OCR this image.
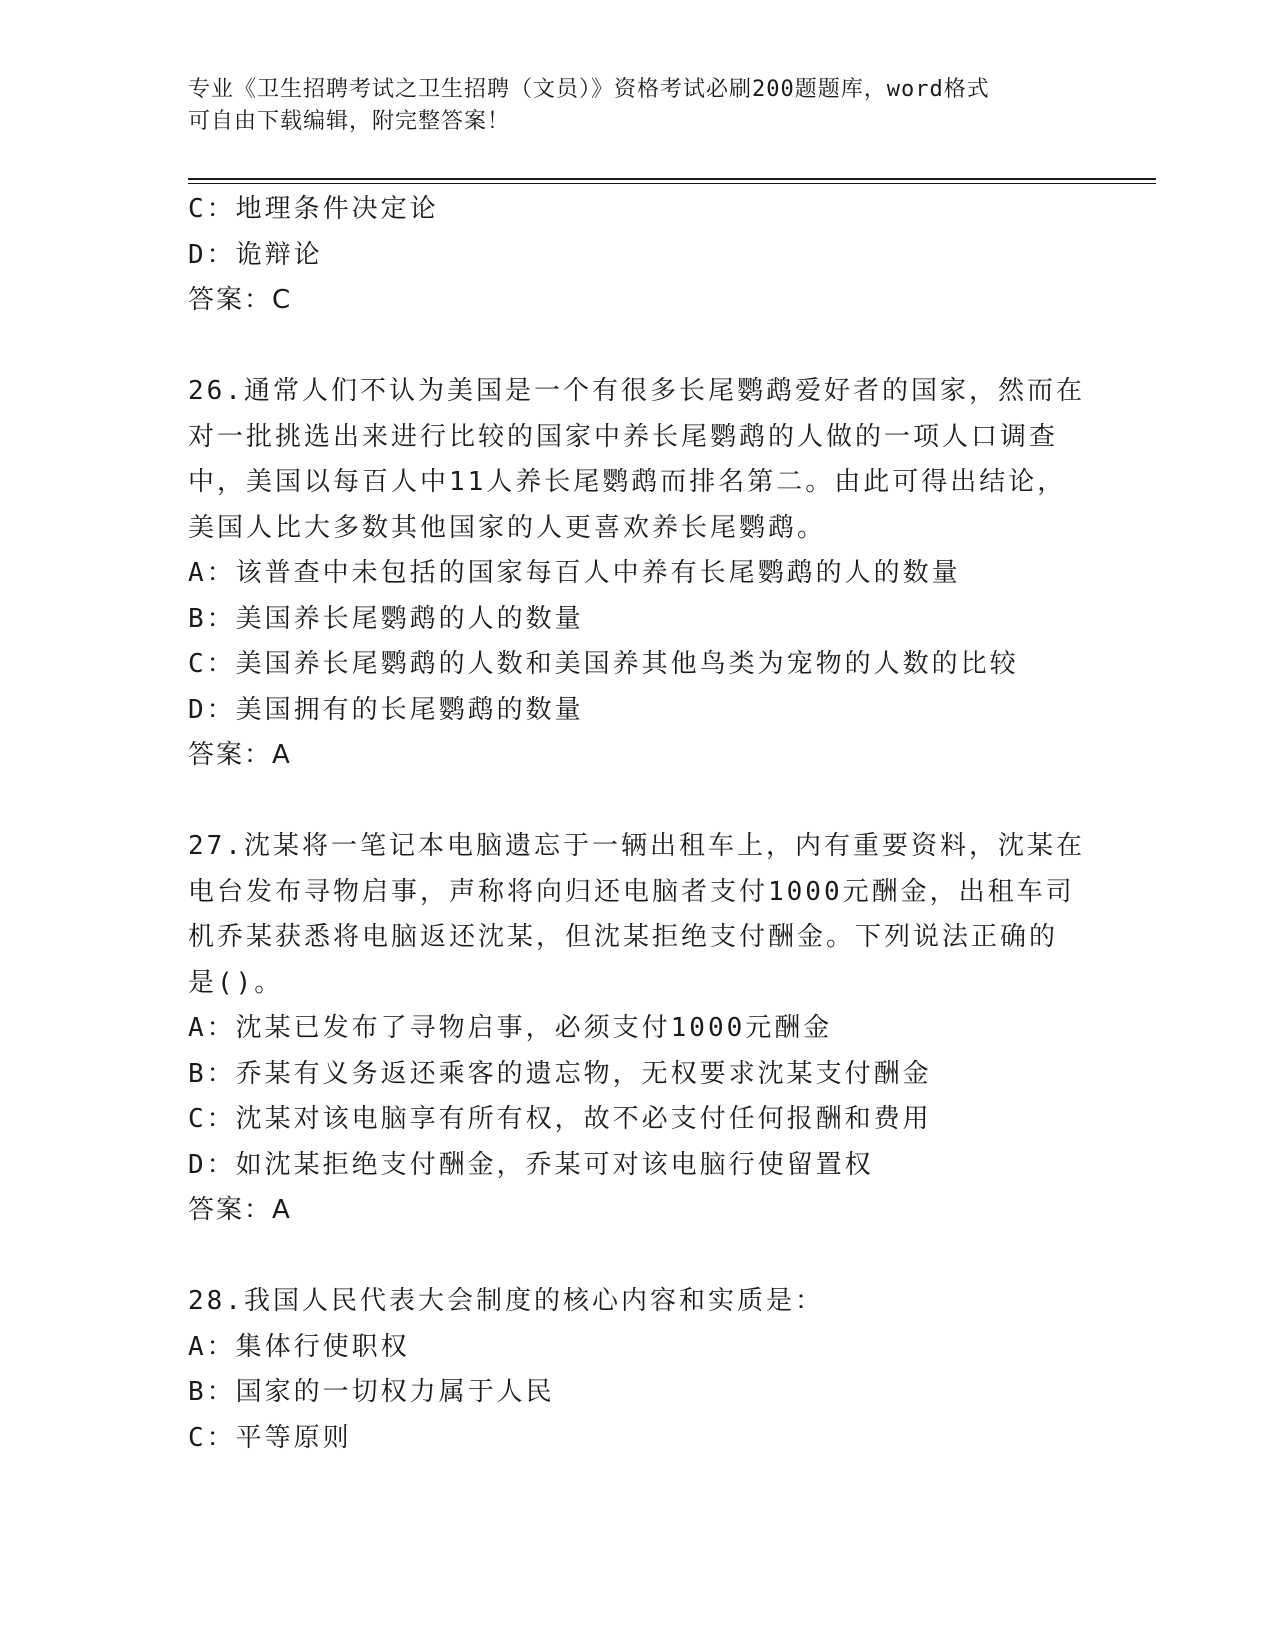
专业《卫生招聘考试之卫生招聘（文员）》资格考试必刷200题题库，word格式
可自由下载编辑，附完整答案！
C：地理条件决定论
D：诡辩论
答案：C
26.通常人们不认为美国是一个有很多长尾鹦鹉爱好者的国家，然而在
对一批挑选出来进行比较的国家中养长尾鹦鹉的人做的一项人口调查
中，美国以每百人中11人养长尾鹦鹉而排名第二。由此可得出结论，
美国人比大多数其他国家的人更喜欢养长尾鹦鹉。
A：该普查中未包括的国家每百人中养有长尾鹦鹉的人的数量
B：美国养长尾鹦鹉的人的数量
C：美国养长尾鹦鹉的人数和美国养其他鸟类为宠物的人数的比较
D：美国拥有的长尾鹦鹉的数量
答案：A
27.沈某将一笔记本电脑遗忘于一辆出租车上，内有重要资料，沈某在
电台发布寻物启事，声称将向归还电脑者支付1000元酬金，出租车司
机乔某获悉将电脑返还沈某，但沈某拒绝支付酬金。下列说法正确的
是()。
A：沈某已发布了寻物启事，必须支付1000元酬金
B：乔某有义务返还乘客的遗忘物，无权要求沈某支付酬金
C：沈某对该电脑享有所有权，故不必支付任何报酬和费用
D：如沈某拒绝支付酬金，乔某可对该电脑行使留置权
答案：A
28.我国人民代表大会制度的核心内容和实质是：
A：集体行使职权
B：国家的一切权力属于人民
C：平等原则
